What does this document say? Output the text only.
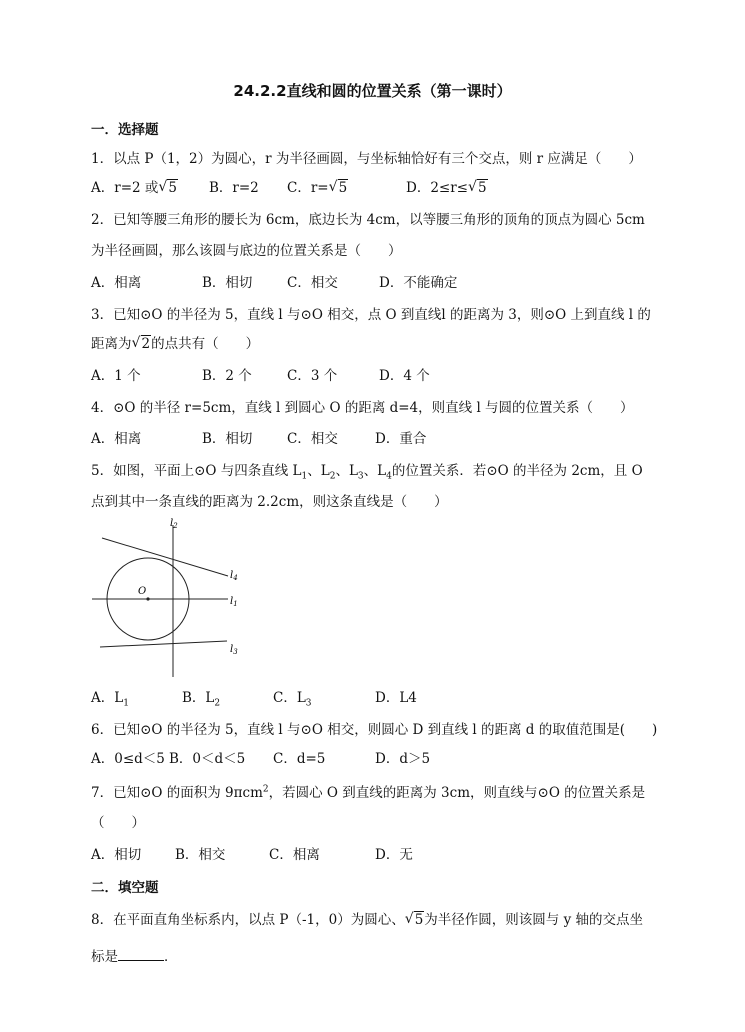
24.2.2直线和圆的位置关系（第一课时）
一．选择题
1．以点 P（1，2）为圆心，r 为半径画圆，与坐标轴恰好有三个交点，则 r 应满足（　　）
A．r=2 或 √ 5 B．r=2 C．r= √ 5	D．2≤r≤ √ 5
2．已知等腰三角形的腰长为 6cm，底边长为 4cm，以等腰三角形的顶角的顶点为圆心 5cm
为半径画圆，那么该圆与底边的位置关系是（　　）
A．相离	B．相切	C．相交	D．不能确定
3．已知⊙O 的半径为 5，直线 l 与⊙O 相交，点 O 到直线l 的距离为 3，则⊙O 上到直线 l 的
距离为 √ 2的点共有（　　）
A．1 个	B．2 个	C．3 个	D．4 个
4．⊙O 的半径 r=5cm，直线 l 到圆心 O 的距离 d=4，则直线 l 与圆的位置关系（　　）
A．相离	B．相切	C．相交	D．重合
5．如图，平面上⊙O 与四条直线 $L_1$、$L_2$、$L_3$、$L_4$的位置关系．若⊙O 的半径为 2cm，且 O
点到其中一条直线的距离为 2.2cm，则这条直线是（　　）
O
$l_2$
$l_4$
$l_1$
$l_3$
A．$L_1$	B．$L_2$	C．$L_3$	D．L4
6．已知⊙O 的半径为 5，直线 l 与⊙O 相交，则圆心 D 到直线 l 的距离 d 的取值范围是(　　)
A．0≤d＜5 B．0＜d＜5 C．d=5	D．d＞5
7．已知⊙O 的面积为 9πcm$^2$，若圆心 O 到直线的距离为 3cm，则直线与⊙O 的位置关系是
（　　）
A．相切	B．相交	C．相离	D．无
二．填空题
8．在平面直角坐标系内，以点 P（-1，0）为圆心、 √ 5为半径作圆，则该圆与 y 轴的交点坐
标是	．
